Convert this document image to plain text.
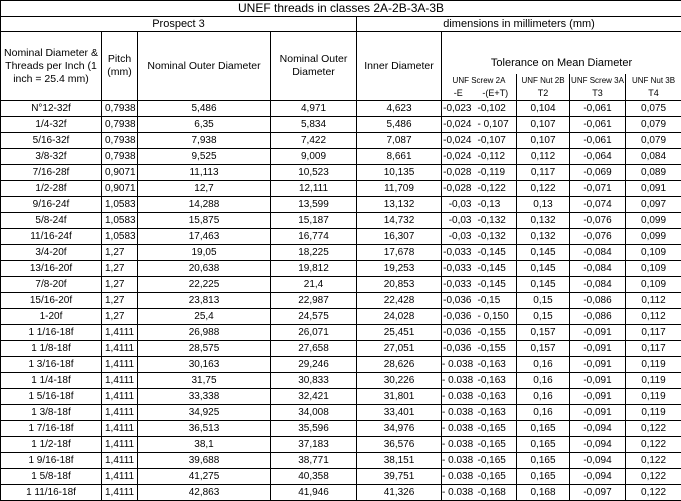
UNEF threads in classes 2A-2B-3A-3B									
Prospect 3				dimensions in millimeters (mm)					
Nominal Diameter & Threads per Inch (1 inch = 25.4 mm)	Pitch (mm)	Nominal Outer Diameter	Nominal Outer Diameter	Inner Diameter	Tolerance on Mean Diameter				
					UNF Screw 2A		UNF Nut 2B	UNF Screw 3A	UNF Nut 3B
					-E	-(E+T)	T2	T3	T4
N°12-32f	0,7938	5,486	4,971	4,623	-0,023	-0,102	0,104	-0,061	0,075
1/4-32f	0,7938	6,35	5,834	5,486	-0,024	- 0,107	0,107	-0,061	0,079
5/16-32f	0,7938	7,938	7,422	7,087	-0,024	-0,107	0,107	-0,061	0,079
3/8-32f	0,7938	9,525	9,009	8,661	-0,024	-0,112	0,112	-0,064	0,084
7/16-28f	0,9071	11,113	10,523	10,135	-0,028	-0,119	0,117	-0,069	0,089
1/2-28f	0,9071	12,7	12,111	11,709	-0,028	-0,122	0,122	-0,071	0,091
9/16-24f	1,0583	14,288	13,599	13,132	-0,03	-0,13	0,13	-0,074	0,097
5/8-24f	1,0583	15,875	15,187	14,732	-0,03	-0,132	0,132	-0,076	0,099
11/16-24f	1,0583	17,463	16,774	16,307	-0,03	-0,132	0,132	-0,076	0,099
3/4-20f	1,27	19,05	18,225	17,678	-0,033	-0,145	0,145	-0,084	0,109
13/16-20f	1,27	20,638	19,812	19,253	-0,033	-0,145	0,145	-0,084	0,109
7/8-20f	1,27	22,225	21,4	20,853	-0,033	-0,145	0,145	-0,084	0,109
15/16-20f	1,27	23,813	22,987	22,428	-0,036	-0,15	0,15	-0,086	0,112
1-20f	1,27	25,4	24,575	24,028	-0,036	- 0,150	0,15	-0,086	0,112
1 1/16-18f	1,4111	26,988	26,071	25,451	-0,036	-0,155	0,157	-0,091	0,117
1 1/8-18f	1,4111	28,575	27,658	27,051	-0,036	-0,155	0,157	-0,091	0,117
1 3/16-18f	1,4111	30,163	29,246	28,626	- 0.038	-0,163	0,16	-0,091	0,119
1 1/4-18f	1,4111	31,75	30,833	30,226	- 0.038	-0,163	0,16	-0,091	0,119
1 5/16-18f	1,4111	33,338	32,421	31,801	- 0.038	-0,163	0,16	-0,091	0,119
1 3/8-18f	1,4111	34,925	34,008	33,401	- 0.038	-0,163	0,16	-0,091	0,119
1 7/16-18f	1,4111	36,513	35,596	34,976	- 0.038	-0,165	0,165	-0,094	0,122
1 1/2-18f	1,4111	38,1	37,183	36,576	- 0.038	-0,165	0,165	-0,094	0,122
1 9/16-18f	1,4111	39,688	38,771	38,151	- 0.038	-0,165	0,165	-0,094	0,122
1 5/8-18f	1,4111	41,275	40,358	39,751	- 0.038	-0,165	0,165	-0,094	0,122
1 11/16-18f	1,4111	42,863	41,946	41,326	- 0.038	-0,168	0,168	-0,097	0,122
